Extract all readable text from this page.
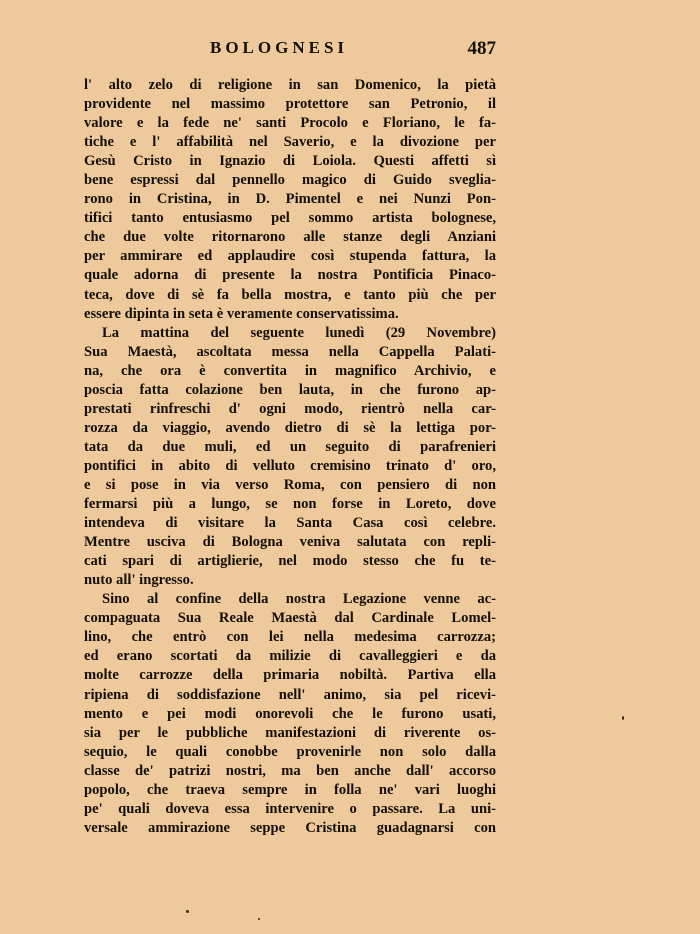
BOLOGNESI	487
l' alto zelo di religione in san Domenico, la pietà
providente nel massimo protettore san Petronio, il
valore e la fede ne' santi Procolo e Floriano, le fa-
tiche e l' affabilità nel Saverio, e la divozione per
Gesù Cristo in Ignazio di Loiola. Questi affetti sì
bene espressi dal pennello magico di Guido sveglia-
rono in Cristina, in D. Pimentel e nei Nunzi Pon-
tifici tanto entusiasmo pel sommo artista bolognese,
che due volte ritornarono alle stanze degli Anziani
per ammirare ed applaudire così stupenda fattura, la
quale adorna di presente la nostra Pontificia Pinaco-
teca, dove di sè fa bella mostra, e tanto più che per
essere dipinta in seta è veramente conservatissima.
La mattina del seguente lunedì (29 Novembre)
Sua Maestà, ascoltata messa nella Cappella Palati-
na, che ora è convertita in magnifico Archivio, e
poscia fatta colazione ben lauta, in che furono ap-
prestati rinfreschi d' ogni modo, rientrò nella car-
rozza da viaggio, avendo dietro di sè la lettiga por-
tata da due muli, ed un seguito di parafrenieri
pontifici in abito di velluto cremisino trinato d' oro,
e si pose in via verso Roma, con pensiero di non
fermarsi più a lungo, se non forse in Loreto, dove
intendeva di visitare la Santa Casa così celebre.
Mentre usciva di Bologna veniva salutata con repli-
cati spari di artiglierie, nel modo stesso che fu te-
nuto all' ingresso.
Sino al confine della nostra Legazione venne ac-
compaguata Sua Reale Maestà dal Cardinale Lomel-
lino, che entrò con lei nella medesima carrozza;
ed erano scortati da milizie di cavalleggieri e da
molte carrozze della primaria nobiltà. Partiva ella
ripiena di soddisfazione nell' animo, sia pel ricevi-
mento e pei modi onorevoli che le furono usati,
sia per le pubbliche manifestazioni di riverente os-
sequio, le quali conobbe provenirle non solo dalla
classe de' patrizi nostri, ma ben anche dall' accorso
popolo, che traeva sempre in folla ne' vari luoghi
pe' quali doveva essa intervenire o passare. La uni-
versale ammirazione seppe Cristina guadagnarsi con
